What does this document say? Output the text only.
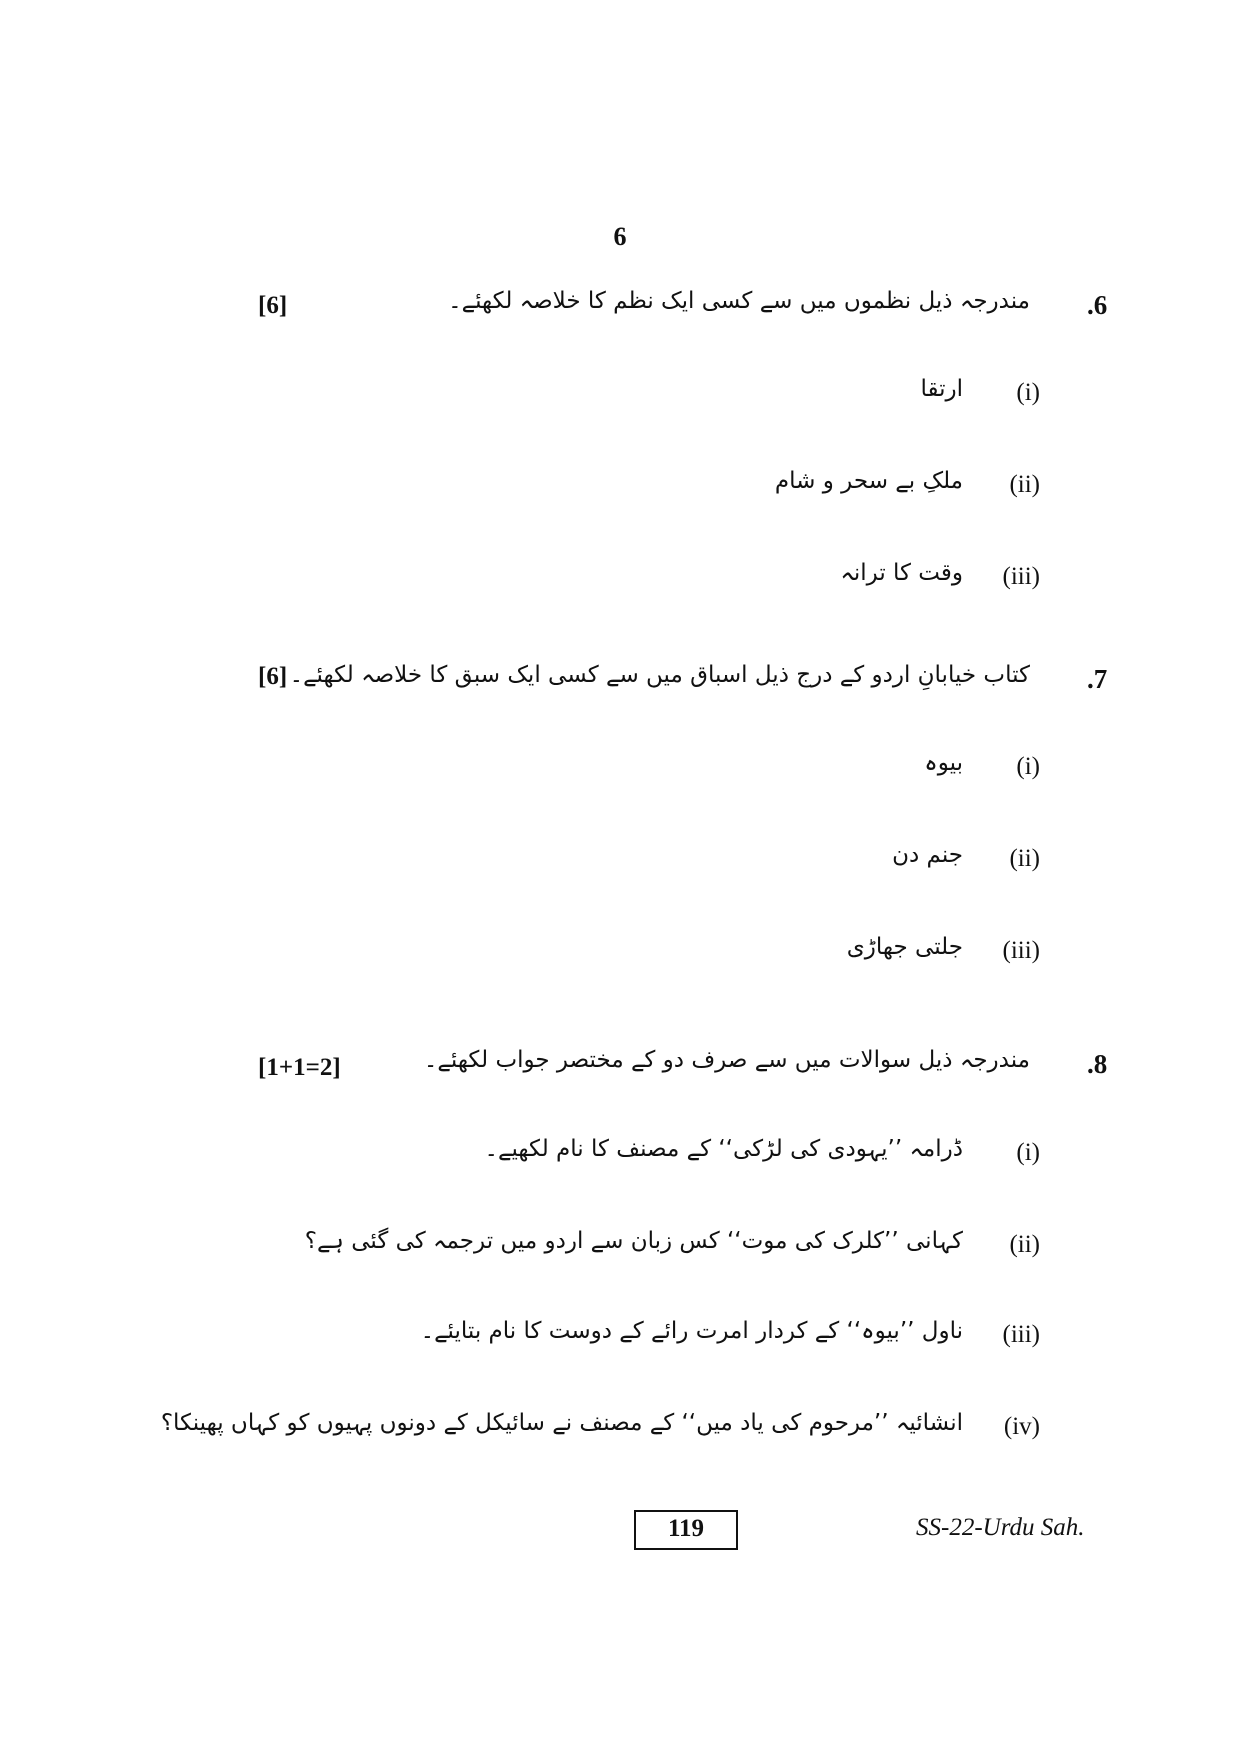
6
.6
مندرجہ ذیل نظموں میں سے کسی ایک نظم کا خلاصہ لکھئے۔
[6]
(i)
ارتقا
(ii)
ملکِ بے سحر و شام
(iii)
وقت کا ترانہ
.7
کتاب خیابانِ اردو کے درج ذیل اسباق میں سے کسی ایک سبق کا خلاصہ لکھئے۔
[6]
(i)
بیوہ
(ii)
جنم دن
(iii)
جلتی جھاڑی
.8
مندرجہ ذیل سوالات میں سے صرف دو کے مختصر جواب لکھئے۔
[1+1=2]
(i)
ڈرامہ ’’یہودی کی لڑکی‘‘ کے مصنف کا نام لکھیے۔
(ii)
کہانی ’’کلرک کی موت‘‘ کس زبان سے اردو میں ترجمہ کی گئی ہے؟
(iii)
ناول ’’بیوہ‘‘ کے کردار امرت رائے کے دوست کا نام بتایئے۔
(iv)
انشائیہ ’’مرحوم کی یاد میں‘‘ کے مصنف نے سائیکل کے دونوں پہیوں کو کہاں پھینکا؟
119	SS-22-Urdu Sah.
